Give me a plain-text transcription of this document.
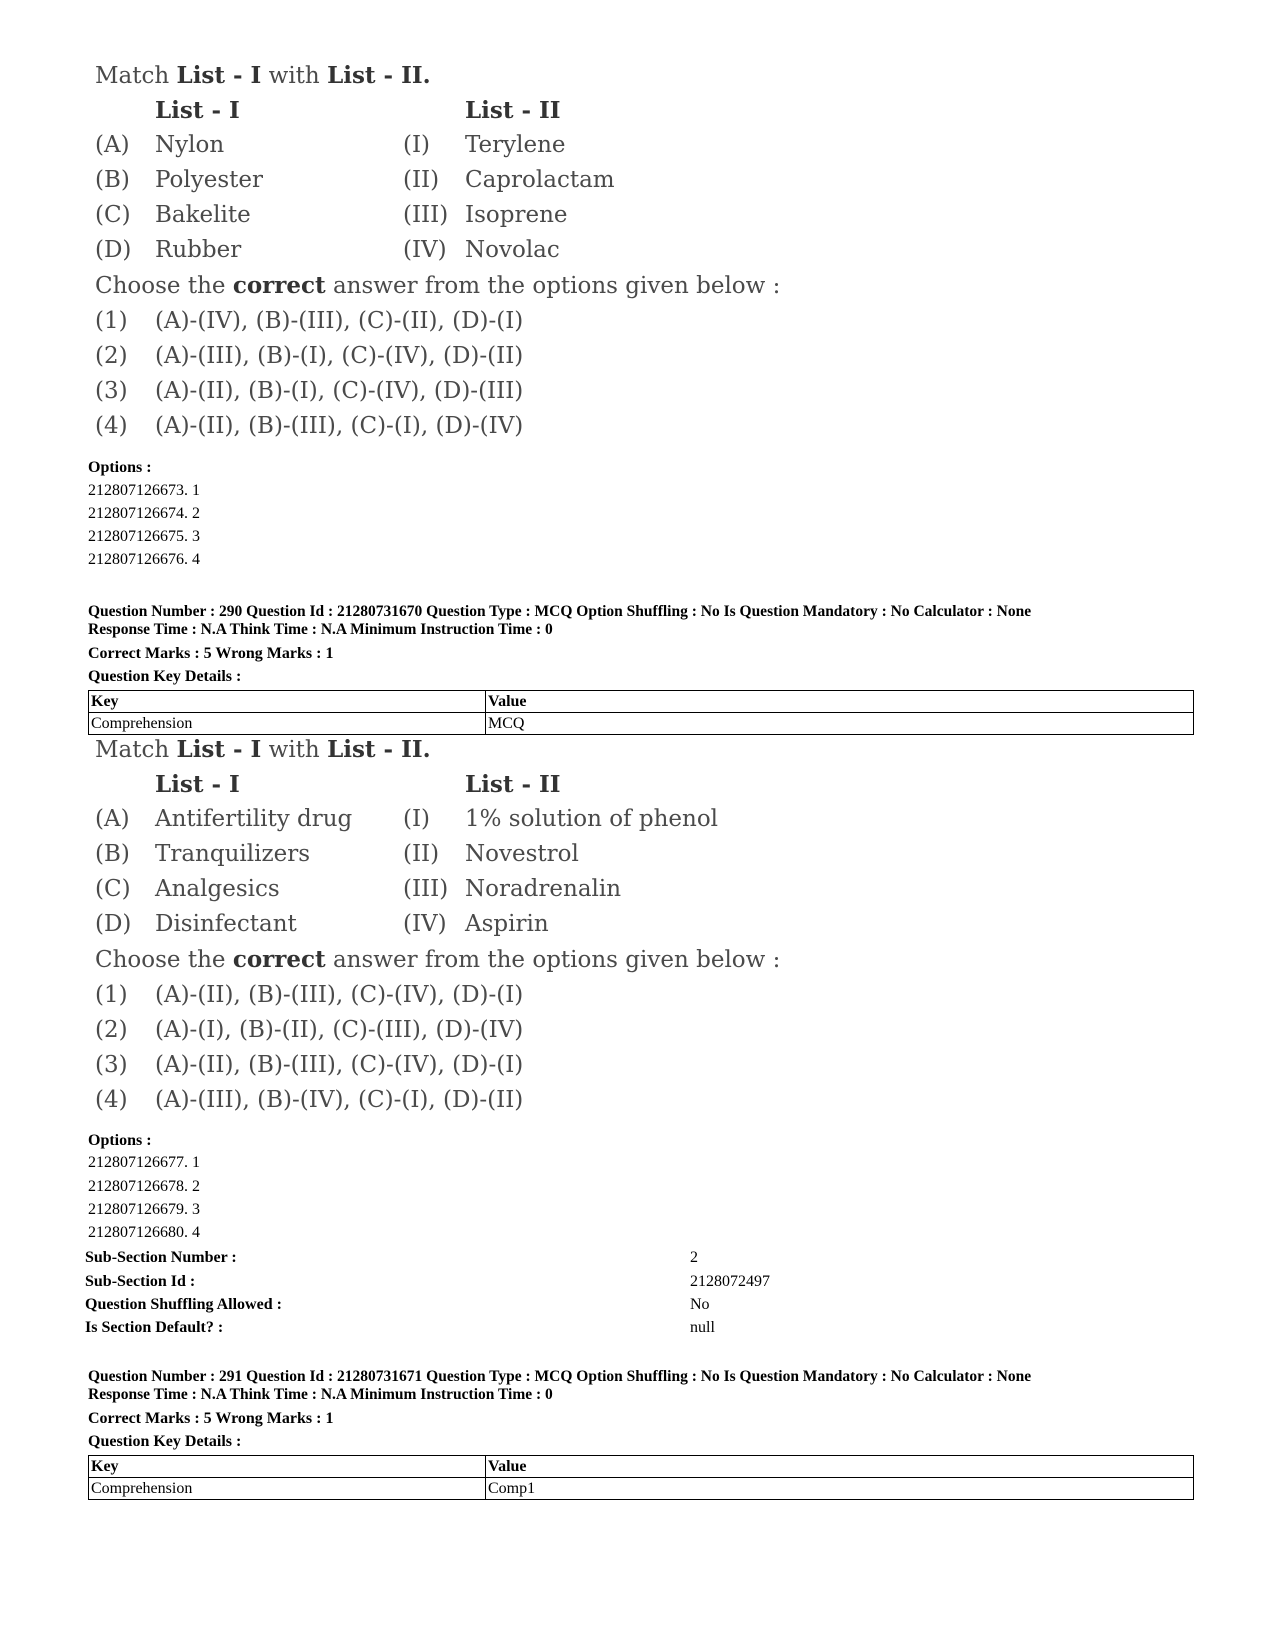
Match List - I with List - II.
List - I	List - II
(A) Nylon	(I) Terylene
(B) Polyester	(II) Caprolactam
(C) Bakelite	(III) Isoprene
(D) Rubber	(IV) Novolac
Choose the correct answer from the options given below :
(1) (A)-(IV), (B)-(III), (C)-(II), (D)-(I)
(2) (A)-(III), (B)-(I), (C)-(IV), (D)-(II)
(3) (A)-(II), (B)-(I), (C)-(IV), (D)-(III)
(4) (A)-(II), (B)-(III), (C)-(I), (D)-(IV)
Options :
212807126673. 1
212807126674. 2
212807126675. 3
212807126676. 4
Question Number : 290 Question Id : 21280731670 Question Type : MCQ Option Shuffling : No Is Question Mandatory : No Calculator : None
Response Time : N.A Think Time : N.A Minimum Instruction Time : 0
Correct Marks : 5 Wrong Marks : 1
Question Key Details :
Key	Value
Comprehension	MCQ
Match List - I with List - II.
List - I	List - II
(A) Antifertility drug (I) 1% solution of phenol
(B) Tranquilizers	(II) Novestrol
(C) Analgesics	(III) Noradrenalin
(D) Disinfectant	(IV) Aspirin
Choose the correct answer from the options given below :
(1) (A)-(II), (B)-(III), (C)-(IV), (D)-(I)
(2) (A)-(I), (B)-(II), (C)-(III), (D)-(IV)
(3) (A)-(II), (B)-(III), (C)-(IV), (D)-(I)
(4) (A)-(III), (B)-(IV), (C)-(I), (D)-(II)
Options :
212807126677. 1
212807126678. 2
212807126679. 3
212807126680. 4
Sub-Section Number :	2
Sub-Section Id :	2128072497
Question Shuffling Allowed :	No
Is Section Default? :	null
Question Number : 291 Question Id : 21280731671 Question Type : MCQ Option Shuffling : No Is Question Mandatory : No Calculator : None
Response Time : N.A Think Time : N.A Minimum Instruction Time : 0
Correct Marks : 5 Wrong Marks : 1
Question Key Details :
Key	Value
Comprehension	Comp1
